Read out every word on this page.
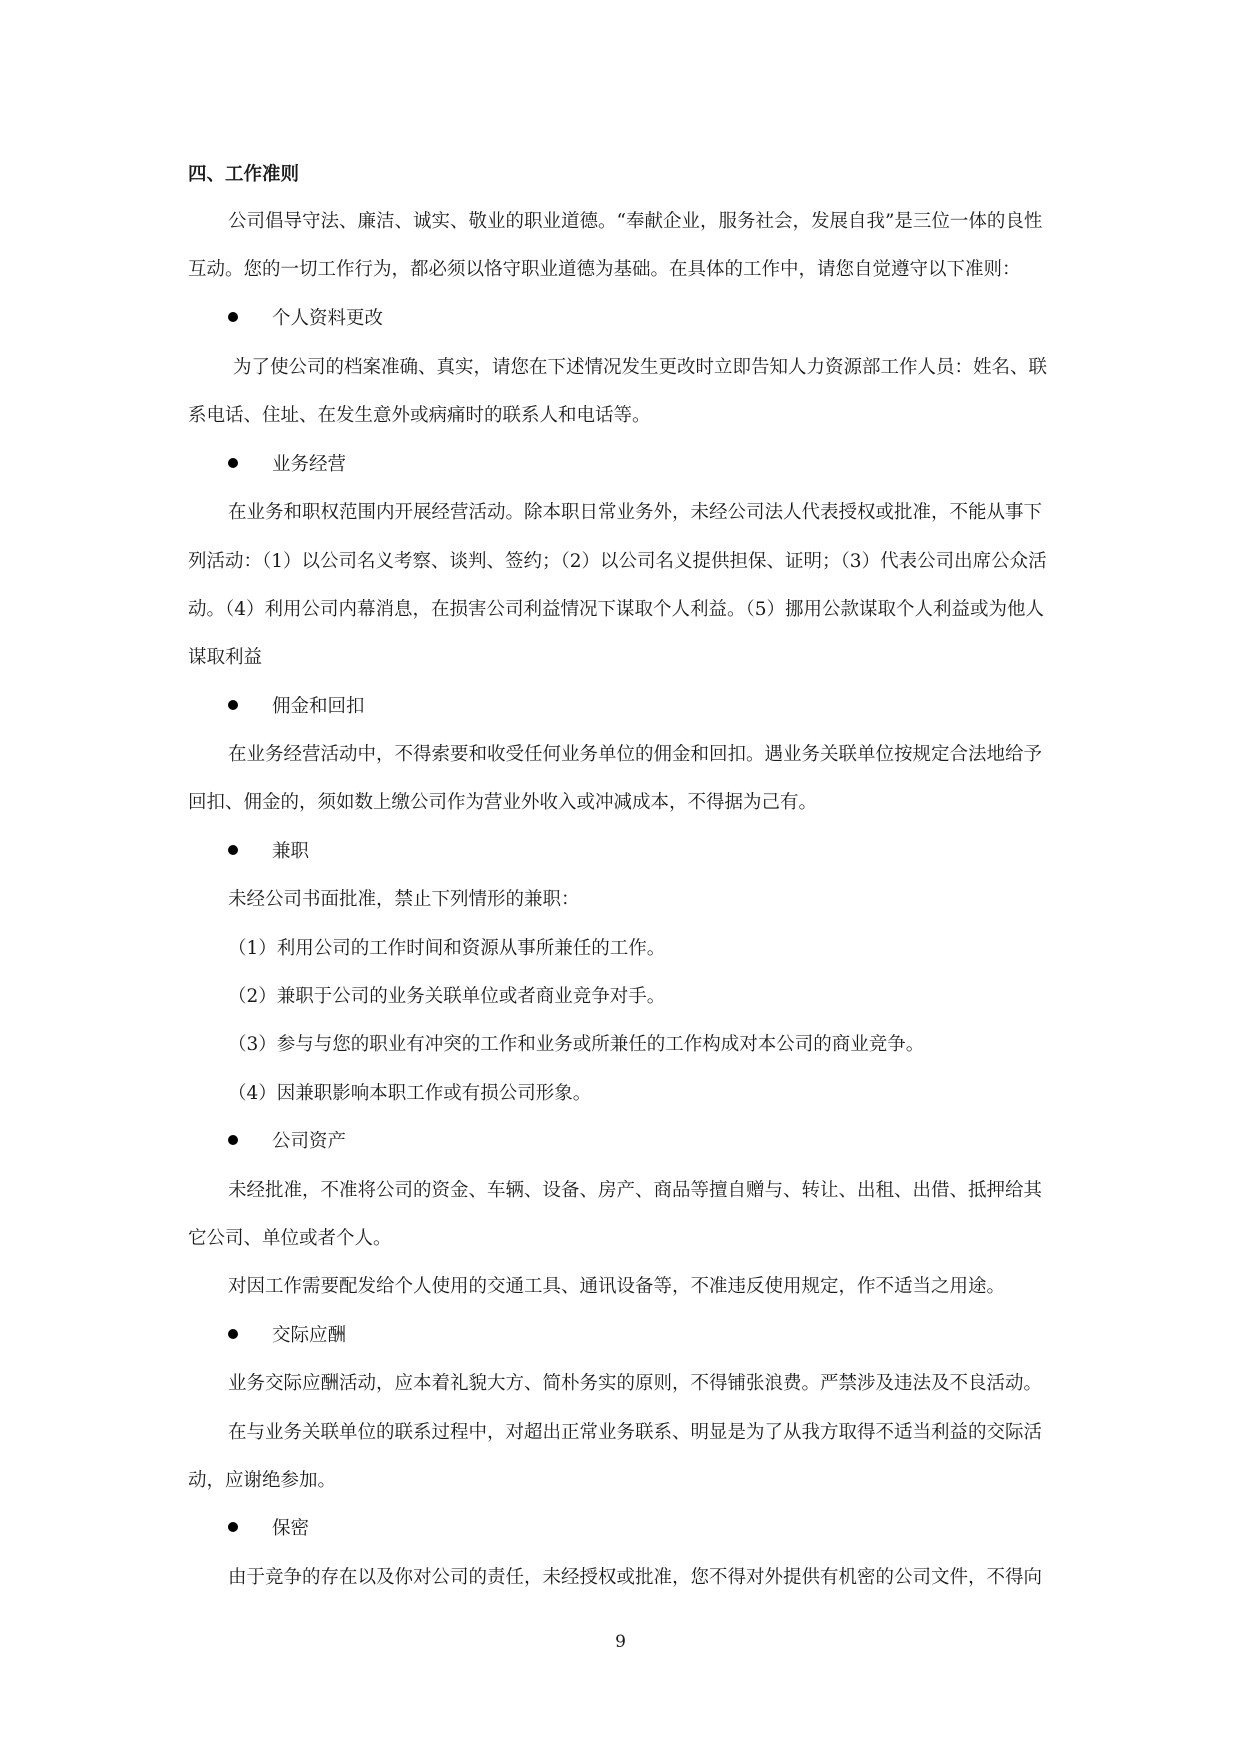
四、工作准则
公司倡导守法、廉洁、诚实、敬业的职业道德。“奉献企业，服务社会，发展自我”是三位一体的良性
互动。您的一切工作行为，都必须以恪守职业道德为基础。在具体的工作中，请您自觉遵守以下准则：
个人资料更改
为了使公司的档案准确、真实，请您在下述情况发生更改时立即告知人力资源部工作人员：姓名、联
系电话、住址、在发生意外或病痛时的联系人和电话等。
业务经营
在业务和职权范围内开展经营活动。除本职日常业务外，未经公司法人代表授权或批准，不能从事下
列活动：（1）以公司名义考察、谈判、签约；（2）以公司名义提供担保、证明；（3）代表公司出席公众活
动。（4）利用公司内幕消息，在损害公司利益情况下谋取个人利益。（5）挪用公款谋取个人利益或为他人
谋取利益
佣金和回扣
在业务经营活动中，不得索要和收受任何业务单位的佣金和回扣。遇业务关联单位按规定合法地给予
回扣、佣金的，须如数上缴公司作为营业外收入或冲减成本，不得据为己有。
兼职
未经公司书面批准，禁止下列情形的兼职：
（1）利用公司的工作时间和资源从事所兼任的工作。
（2）兼职于公司的业务关联单位或者商业竞争对手。
（3）参与与您的职业有冲突的工作和业务或所兼任的工作构成对本公司的商业竞争。
（4）因兼职影响本职工作或有损公司形象。
公司资产
未经批准，不准将公司的资金、车辆、设备、房产、商品等擅自赠与、转让、出租、出借、抵押给其
它公司、单位或者个人。
对因工作需要配发给个人使用的交通工具、通讯设备等，不准违反使用规定，作不适当之用途。
交际应酬
业务交际应酬活动，应本着礼貌大方、简朴务实的原则，不得铺张浪费。严禁涉及违法及不良活动。
在与业务关联单位的联系过程中，对超出正常业务联系、明显是为了从我方取得不适当利益的交际活
动，应谢绝参加。
保密
由于竞争的存在以及你对公司的责任，未经授权或批准，您不得对外提供有机密的公司文件，不得向
9
